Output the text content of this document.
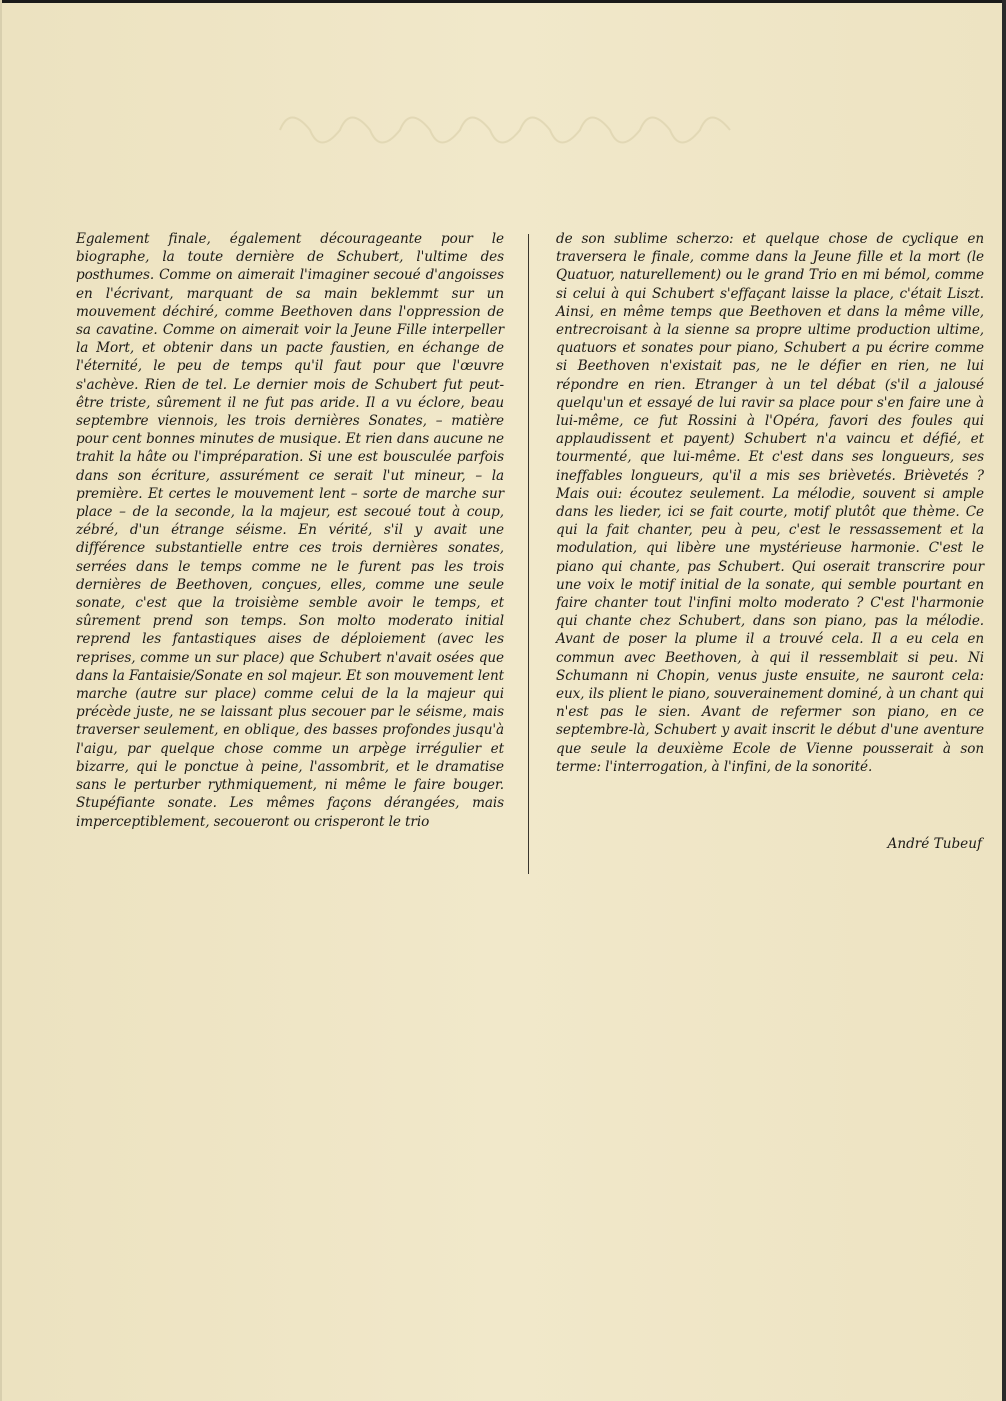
Egalement finale, également décourageante pour le biographe, la toute dernière de Schubert, l'ultime des posthumes. Comme on aimerait l'imaginer secoué d'angoisses en l'écrivant, marquant de sa main beklemmt sur un mouvement déchiré, comme Beethoven dans l'oppression de sa cavatine. Comme on aimerait voir la Jeune Fille interpeller la Mort, et obtenir dans un pacte faustien, en échange de l'éternité, le peu de temps qu'il faut pour que l'œuvre s'achève. Rien de tel. Le dernier mois de Schubert fut peut-être triste, sûrement il ne fut pas aride. Il a vu éclore, beau septembre viennois, les trois dernières Sonates, – matière pour cent bonnes minutes de musique. Et rien dans aucune ne trahit la hâte ou l'impréparation. Si une est bousculée parfois dans son écriture, assurément ce serait l'ut mineur, – la première. Et certes le mouvement lent – sorte de marche sur place – de la seconde, la la majeur, est secoué tout à coup, zébré, d'un étrange séisme. En vérité, s'il y avait une différence substantielle entre ces trois dernières sonates, serrées dans le temps comme ne le furent pas les trois dernières de Beethoven, conçues, elles, comme une seule sonate, c'est que la troisième semble avoir le temps, et sûrement prend son temps. Son molto moderato initial reprend les fantastiques aises de déploiement (avec les reprises, comme un sur place) que Schubert n'avait osées que dans la Fantaisie/Sonate en sol majeur. Et son mouvement lent marche (autre sur place) comme celui de la la majeur qui précède juste, ne se laissant plus secouer par le séisme, mais traverser seulement, en oblique, des basses profondes jusqu'à l'aigu, par quelque chose comme un arpège irrégulier et bizarre, qui le ponctue à peine, l'assombrit, et le dramatise sans le perturber rythmiquement, ni même le faire bouger. Stupéfiante sonate. Les mêmes façons dérangées, mais imperceptiblement, secoueront ou crisperont le trio

de son sublime scherzo: et quelque chose de cyclique en traversera le finale, comme dans la Jeune fille et la mort (le Quatuor, naturellement) ou le grand Trio en mi bémol, comme si celui à qui Schubert s'effaçant laisse la place, c'était Liszt. Ainsi, en même temps que Beethoven et dans la même ville, entrecroisant à la sienne sa propre ultime production ultime, quatuors et sonates pour piano, Schubert a pu écrire comme si Beethoven n'existait pas, ne le défier en rien, ne lui répondre en rien. Etranger à un tel débat (s'il a jalousé quelqu'un et essayé de lui ravir sa place pour s'en faire une à lui-même, ce fut Rossini à l'Opéra, favori des foules qui applaudissent et payent) Schubert n'a vaincu et défié, et tourmenté, que lui-même. Et c'est dans ses longueurs, ses ineffables longueurs, qu'il a mis ses brièvetés. Brièvetés ? Mais oui: écoutez seulement. La mélodie, souvent si ample dans les lieder, ici se fait courte, motif plutôt que thème. Ce qui la fait chanter, peu à peu, c'est le ressassement et la modulation, qui libère une mystérieuse harmonie. C'est le piano qui chante, pas Schubert. Qui oserait transcrire pour une voix le motif initial de la sonate, qui semble pourtant en faire chanter tout l'infini molto moderato ? C'est l'harmonie qui chante chez Schubert, dans son piano, pas la mélodie. Avant de poser la plume il a trouvé cela. Il a eu cela en commun avec Beethoven, à qui il ressemblait si peu. Ni Schumann ni Chopin, venus juste ensuite, ne sauront cela: eux, ils plient le piano, souverainement dominé, à un chant qui n'est pas le sien. Avant de refermer son piano, en ce septembre-là, Schubert y avait inscrit le début d'une aventure que seule la deuxième Ecole de Vienne pousserait à son terme: l'interrogation, à l'infini, de la sonorité.

André Tubeuf
